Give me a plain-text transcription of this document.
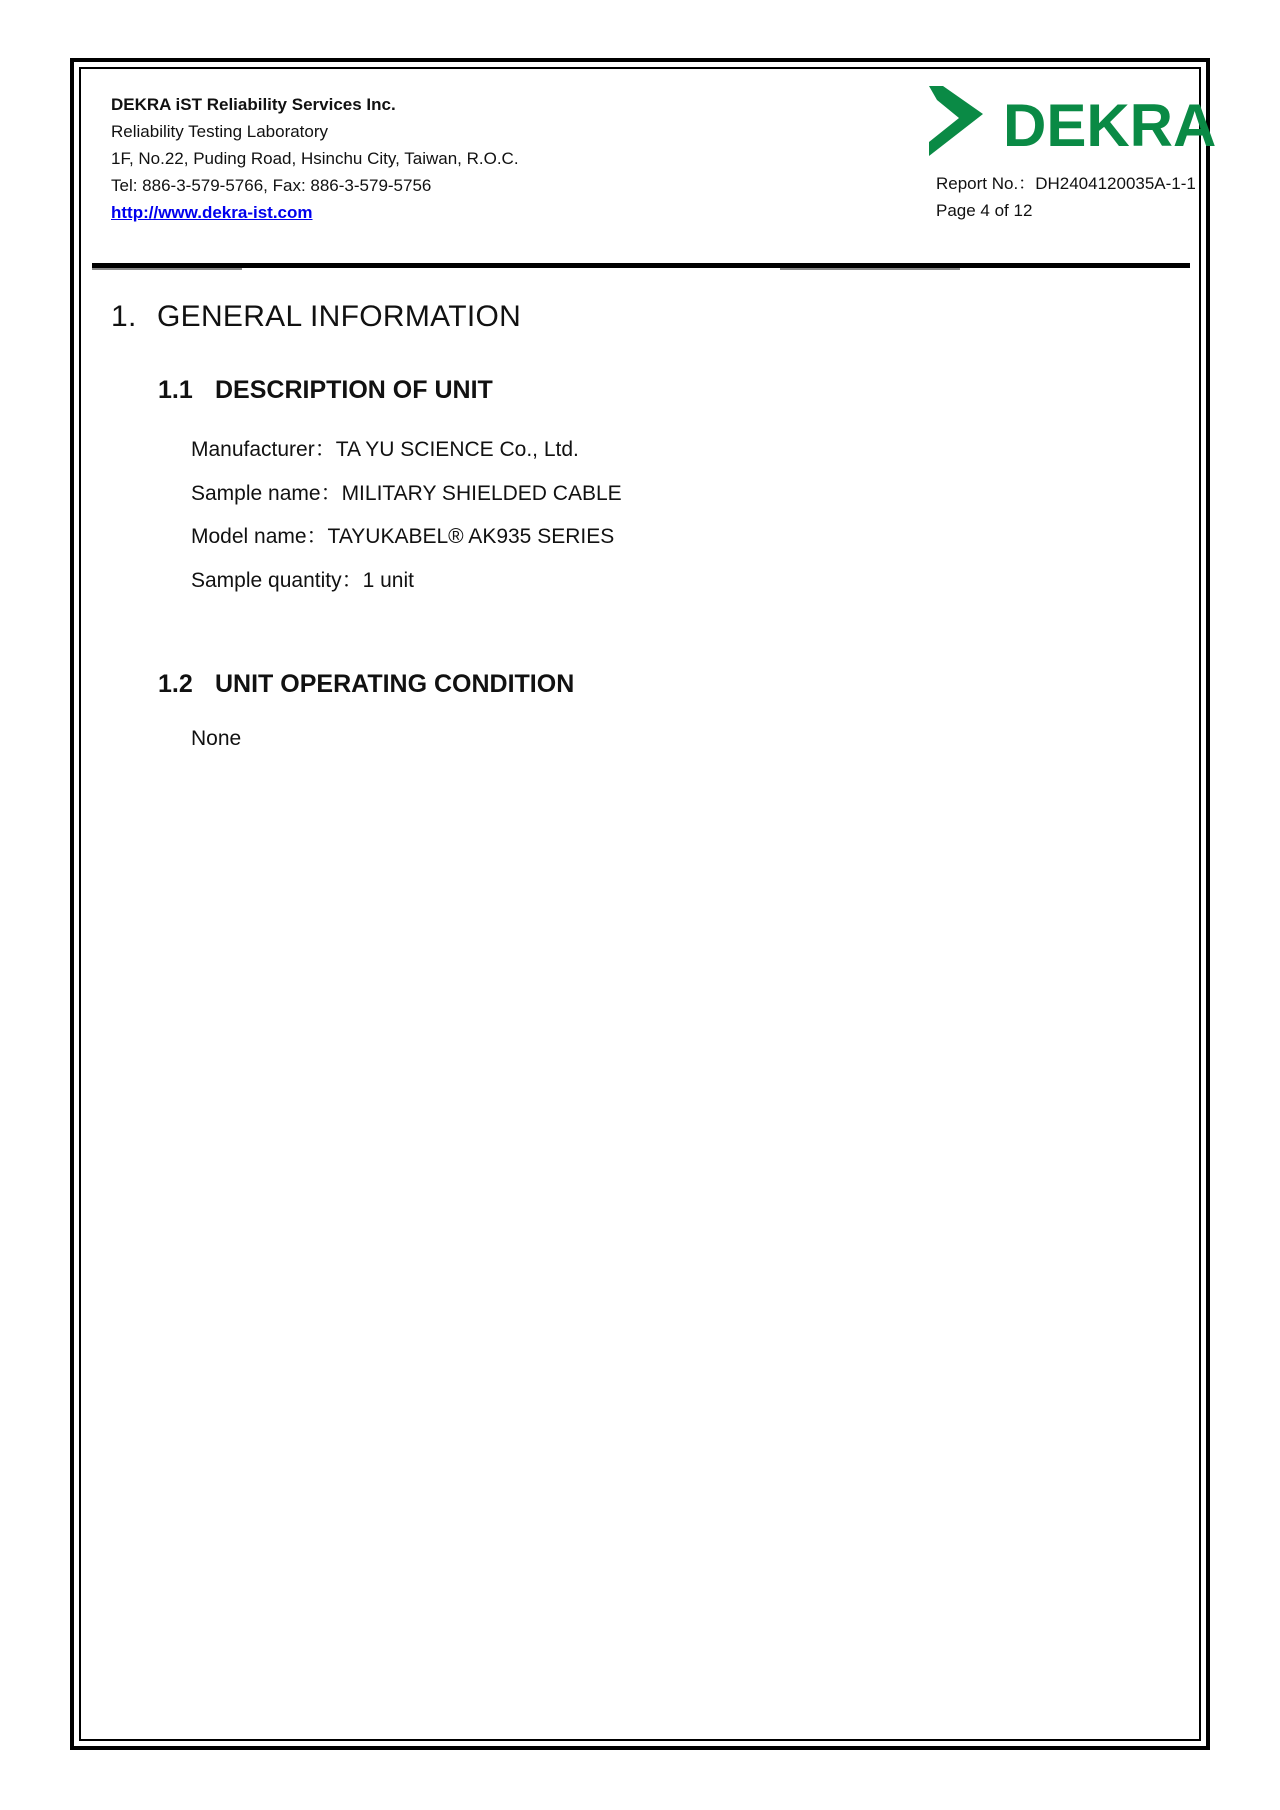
DEKRA iST Reliability Services Inc.
Reliability Testing Laboratory
1F, No.22, Puding Road, Hsinchu City, Taiwan, R.O.C.
Tel: 886-3-579-5766, Fax: 886-3-579-5756
http://www.dekra-ist.com
DEKRA
Report No.：DH2404120035A-1-1
Page 4 of 12
1. GENERAL INFORMATION
1.1 DESCRIPTION OF UNIT
Manufacturer：TA YU SCIENCE Co., Ltd.
Sample name：MILITARY SHIELDED CABLE
Model name：TAYUKABEL® AK935 SERIES
Sample quantity：1 unit
1.2 UNIT OPERATING CONDITION
None
